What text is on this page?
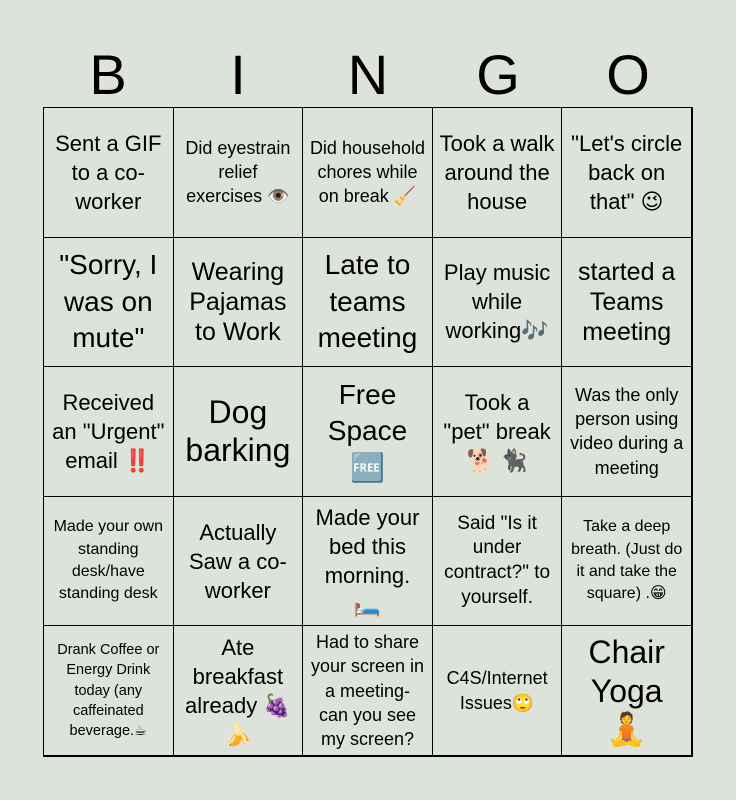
B	I	N	G	O
Sent a GIF to a co-worker
Did eyestrain relief exercises 👁️
Did household chores while on break 🧹
Took a walk around the house
"Let's circle back on that" 😉
"Sorry, I was on mute"
Wearing Pajamas to Work
Late to teams meeting
Play music while working🎶
started a Teams meeting
Received an "Urgent" email ‼️
Dog barking
Free Space 🆓
Took a "pet" break🐕 🐈‍⬛
Was the only person using video during a meeting
Made your own standing desk/have standing desk
Actually Saw a co-worker
Made your bed this morning. 🛏️
Said "Is it under contract?" to yourself.
Take a deep breath. (Just do it and take the square) .😁
Drank Coffee or Energy Drink today (any caffeinated beverage.☕
Ate breakfast already 🍇🍌
Had to share your screen in a meeting- can you see my screen?
C4S/Internet Issues🙄
Chair Yoga 🧘
